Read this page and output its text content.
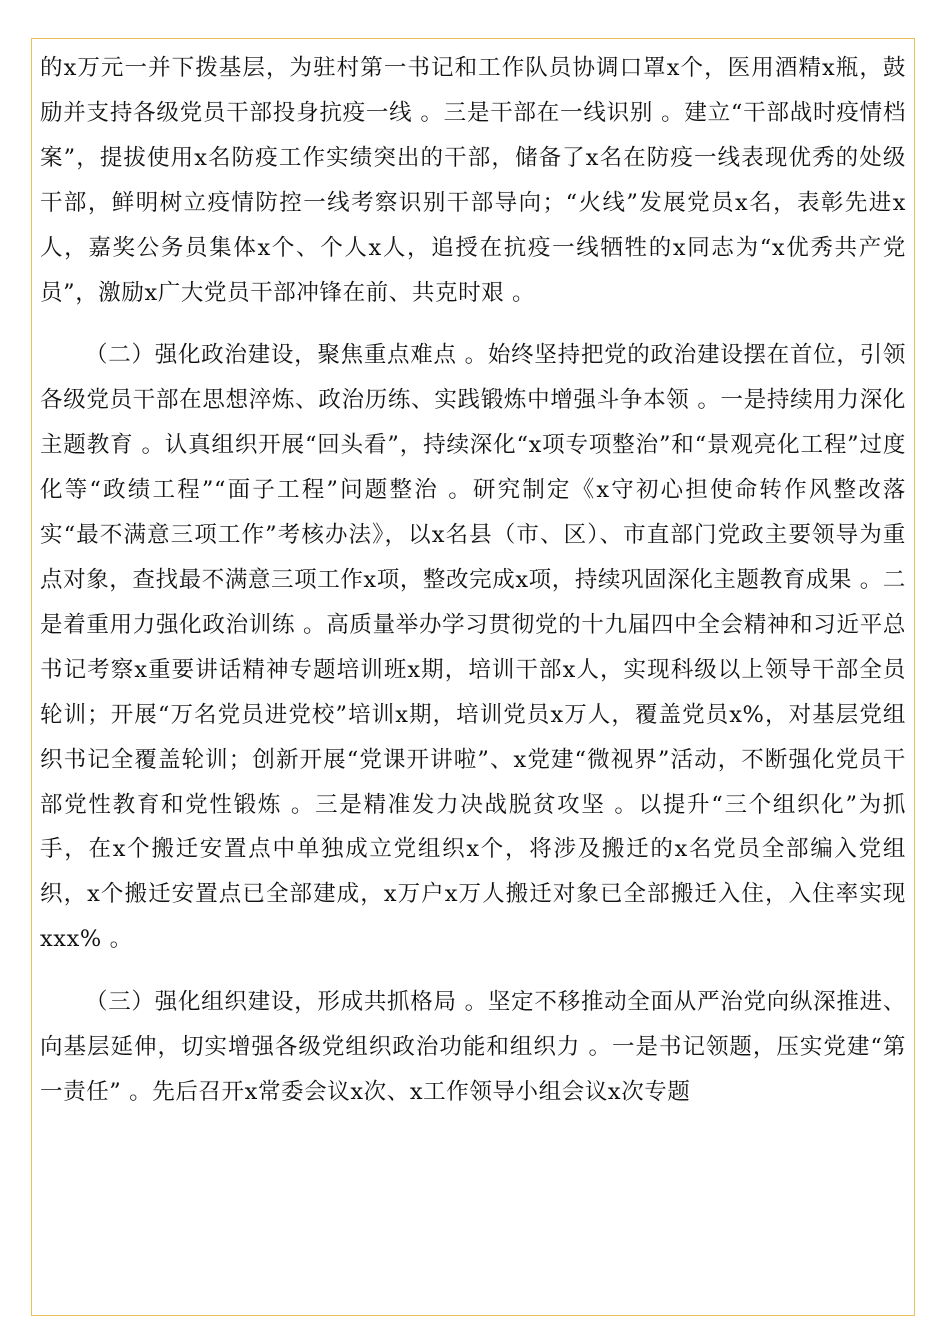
的x万元一并下拨基层，为驻村第一书记和工作队员协调口罩x个，医用酒精x瓶，鼓励并支持各级党员干部投身抗疫一线 。三是干部在一线识别 。建立“干部战时疫情档案”，提拔使用x名防疫工作实绩突出的干部，储备了x名在防疫一线表现优秀的处级干部，鲜明树立疫情防控一线考察识别干部导向；“火线”发展党员x名，表彰先进x人，嘉奖公务员集体x个、个人x人，追授在抗疫一线牺牲的x同志为“x优秀共产党员”，激励x广大党员干部冲锋在前、共克时艰 。

（二）强化政治建设，聚焦重点难点 。始终坚持把党的政治建设摆在首位，引领各级党员干部在思想淬炼、政治历练、实践锻炼中增强斗争本领 。一是持续用力深化主题教育 。认真组织开展“回头看”，持续深化“x项专项整治”和“景观亮化工程”过度化等“政绩工程”“面子工程”问题整治 。研究制定《x守初心担使命转作风整改落实“最不满意三项工作”考核办法》，以x名县（市、区）、市直部门党政主要领导为重点对象，查找最不满意三项工作x项，整改完成x项，持续巩固深化主题教育成果 。二是着重用力强化政治训练 。高质量举办学习贯彻党的十九届四中全会精神和习近平总书记考察x重要讲话精神专题培训班x期，培训干部x人，实现科级以上领导干部全员轮训；开展“万名党员进党校”培训x期，培训党员x万人，覆盖党员x%，对基层党组织书记全覆盖轮训；创新开展“党课开讲啦”、x党建“微视界”活动，不断强化党员干部党性教育和党性锻炼 。三是精准发力决战脱贫攻坚 。以提升“三个组织化”为抓手，在x个搬迁安置点中单独成立党组织x个，将涉及搬迁的x名党员全部编入党组织，x个搬迁安置点已全部建成，x万户x万人搬迁对象已全部搬迁入住，入住率实现xxx% 。

（三）强化组织建设，形成共抓格局 。坚定不移推动全面从严治党向纵深推进、向基层延伸，切实增强各级党组织政治功能和组织力 。一是书记领题，压实党建“第一责任” 。先后召开x常委会议x次、x工作领导小组会议x次专题
